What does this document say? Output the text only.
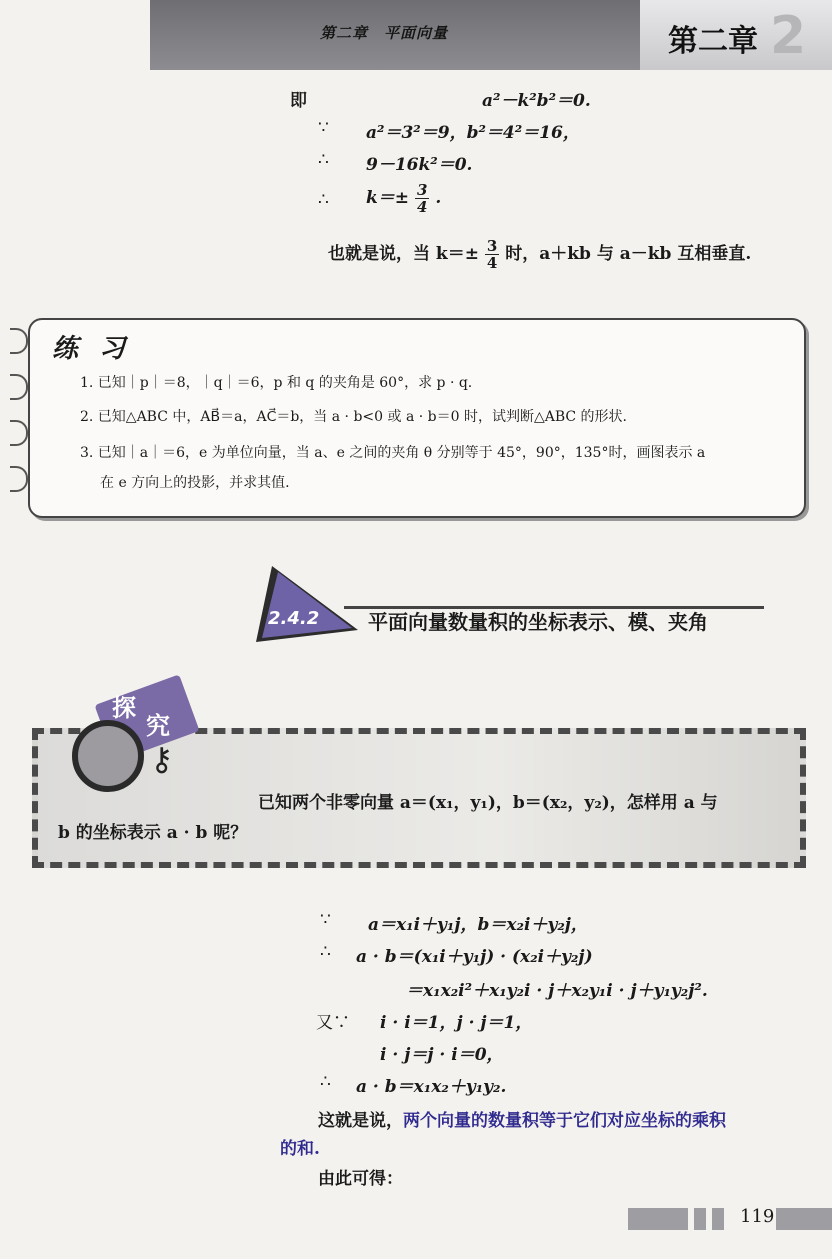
第二章　平面向量	2
第二章
即	a²－k²b²＝0.
∵ a²＝3²＝9，b²＝4²＝16，
∴ 9－16k²＝0.
∴ $k=\pm \frac{3}{4}$ .
也就是说，当 $k=\pm \frac{3}{4}$ 时，a＋kb 与 a－kb 互相垂直.
练 习
1. 已知｜p｜＝8，｜q｜＝6，p 和 q 的夹角是 60°，求 p · q.
2. 已知△ABC 中，AB⃗＝a，AC⃗＝b，当 a · b<0 或 a · b＝0 时，试判断△ABC 的形状.
3. 已知｜a｜＝6，e 为单位向量，当 a、e 之间的夹角 θ 分别等于 45°，90°，135°时，画图表示 a
在 e 方向上的投影，并求其值.
2.4.2 平面向量数量积的坐标表示、模、夹角
探
究
⚷
已知两个非零向量 a＝(x₁，y₁)，b＝(x₂，y₂)，怎样用 a 与
b 的坐标表示 a · b 呢？
∵ a＝x₁i＋y₁j，b＝x₂i＋y₂j，
∴ a · b＝(x₁i＋y₁j) · (x₂i＋y₂j)
＝x₁x₂i²＋x₁y₂i · j＋x₂y₁i · j＋y₁y₂j².
又∵ i · i＝1，j · j＝1，
i · j＝j · i＝0，
∴ a · b＝x₁x₂＋y₁y₂.
这就是说，两个向量的数量积等于它们对应坐标的乘积
的和.
由此可得：
119
